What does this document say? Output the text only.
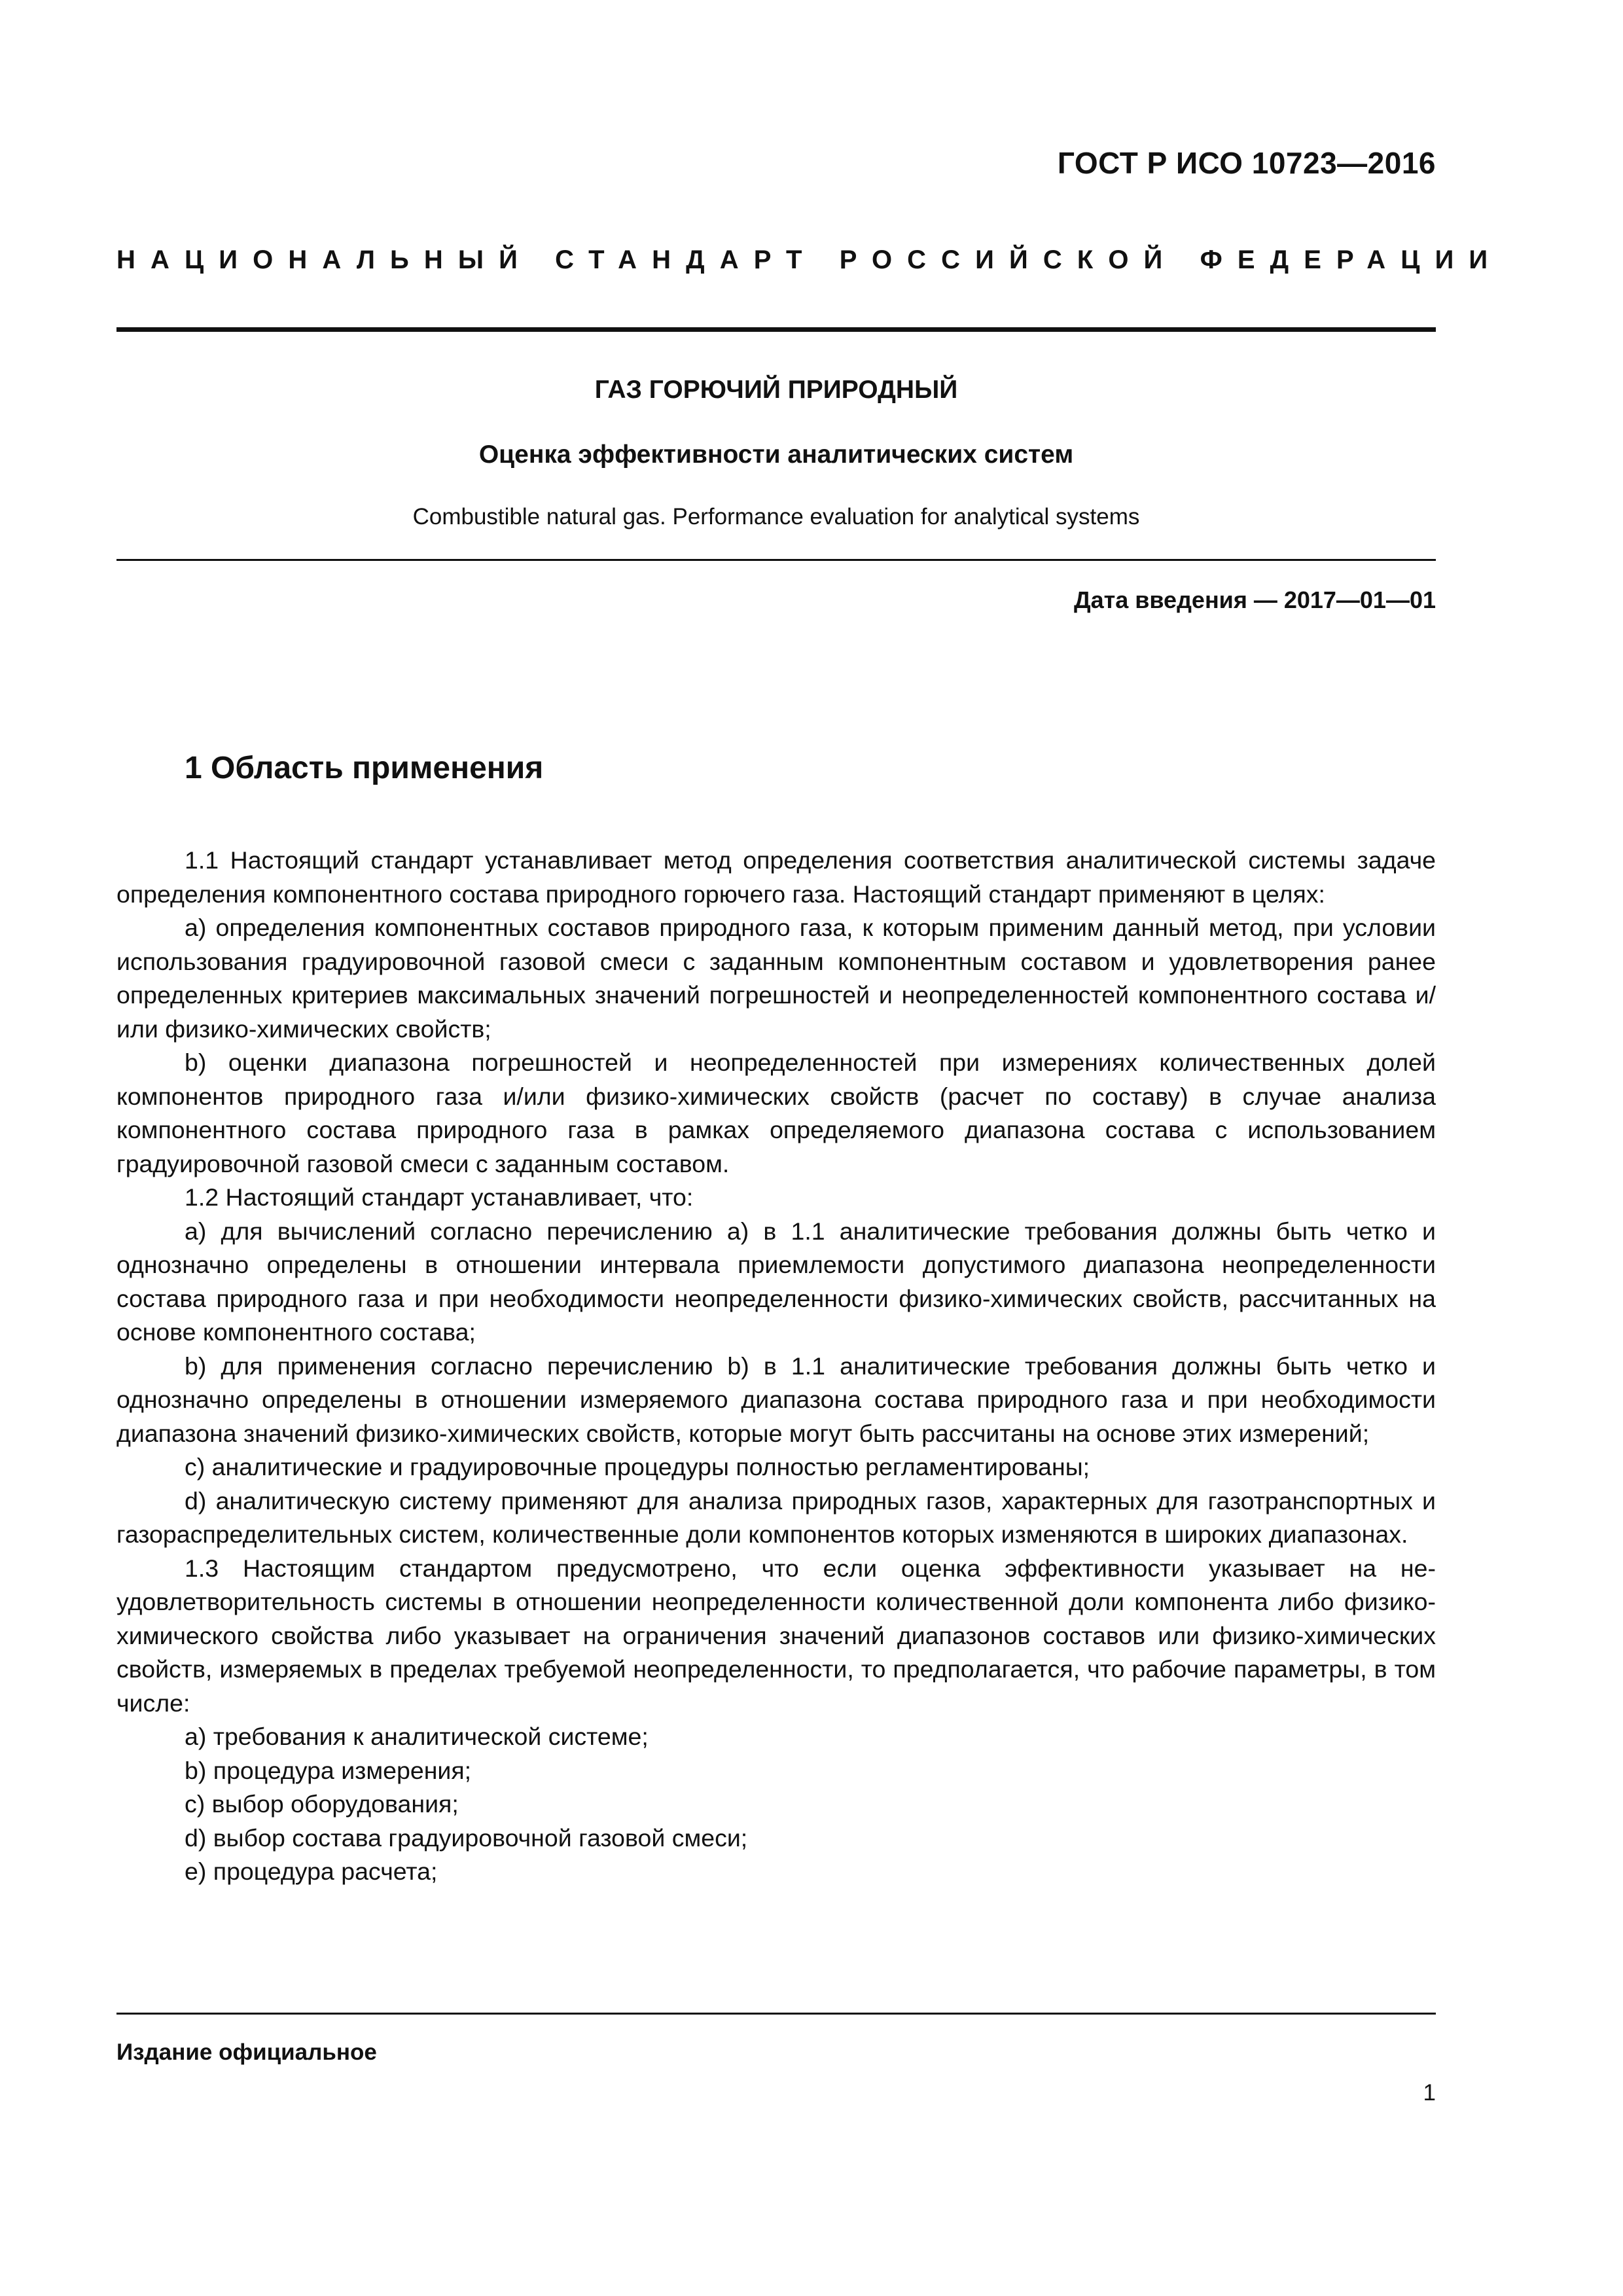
ГОСТ Р ИСО 10723—2016
НАЦИОНАЛЬНЫЙ СТАНДАРТ РОССИЙСКОЙ ФЕДЕРАЦИИ
ГАЗ ГОРЮЧИЙ ПРИРОДНЫЙ
Оценка эффективности аналитических систем
Combustible natural gas. Performance evaluation for analytical systems
Дата введения — 2017—01—01
1 Область применения

1.1 Настоящий стандарт устанавливает метод определения соответствия аналитической системы задаче определения компонентного состава природного горючего газа. Настоящий стандарт применяют в целях:

a) определения компонентных составов природного газа, к которым применим данный метод, при условии использования градуировочной газовой смеси с заданным компонентным составом и удовлетворения ранее определенных критериев максимальных значений погрешностей и неопределенностей компонентного состава и/или физико-химических свойств;

b) оценки диапазона погрешностей и неопределенностей при измерениях количественных долей компонентов природного газа и/или физико-химических свойств (расчет по составу) в случае анализа компонентного состава природного газа в рамках определяемого диапазона состава с использованием градуировочной газовой смеси с заданным составом.

1.2 Настоящий стандарт устанавливает, что:

a) для вычислений согласно перечислению a) в 1.1 аналитические требования должны быть четко и однозначно определены в отношении интервала приемлемости допустимого диапазона неопределенности состава природного газа и при необходимости неопределенности физико-химических свойств, рассчитанных на основе компонентного состава;

b) для применения согласно перечислению b) в 1.1 аналитические требования должны быть четко и однозначно определены в отношении измеряемого диапазона состава природного газа и при необходимости диапазона значений физико-химических свойств, которые могут быть рассчитаны на основе этих измерений;

c) аналитические и градуировочные процедуры полностью регламентированы;

d) аналитическую систему применяют для анализа природных газов, характерных для газотранспортных и газораспределительных систем, количественные доли компонентов которых изменяются в широких диапазонах.

1.3 Настоящим стандартом предусмотрено, что если оценка эффективности указывает на неудовлетворительность системы в отношении неопределенности количественной доли компонента либо физико-химического свойства либо указывает на ограничения значений диапазонов составов или физико-химических свойств, измеряемых в пределах требуемой неопределенности, то предполагается, что рабочие параметры, в том числе:

a) требования к аналитической системе;

b) процедура измерения;

c) выбор оборудования;

d) выбор состава градуировочной газовой смеси;

e) процедура расчета;

Издание официальное
1
